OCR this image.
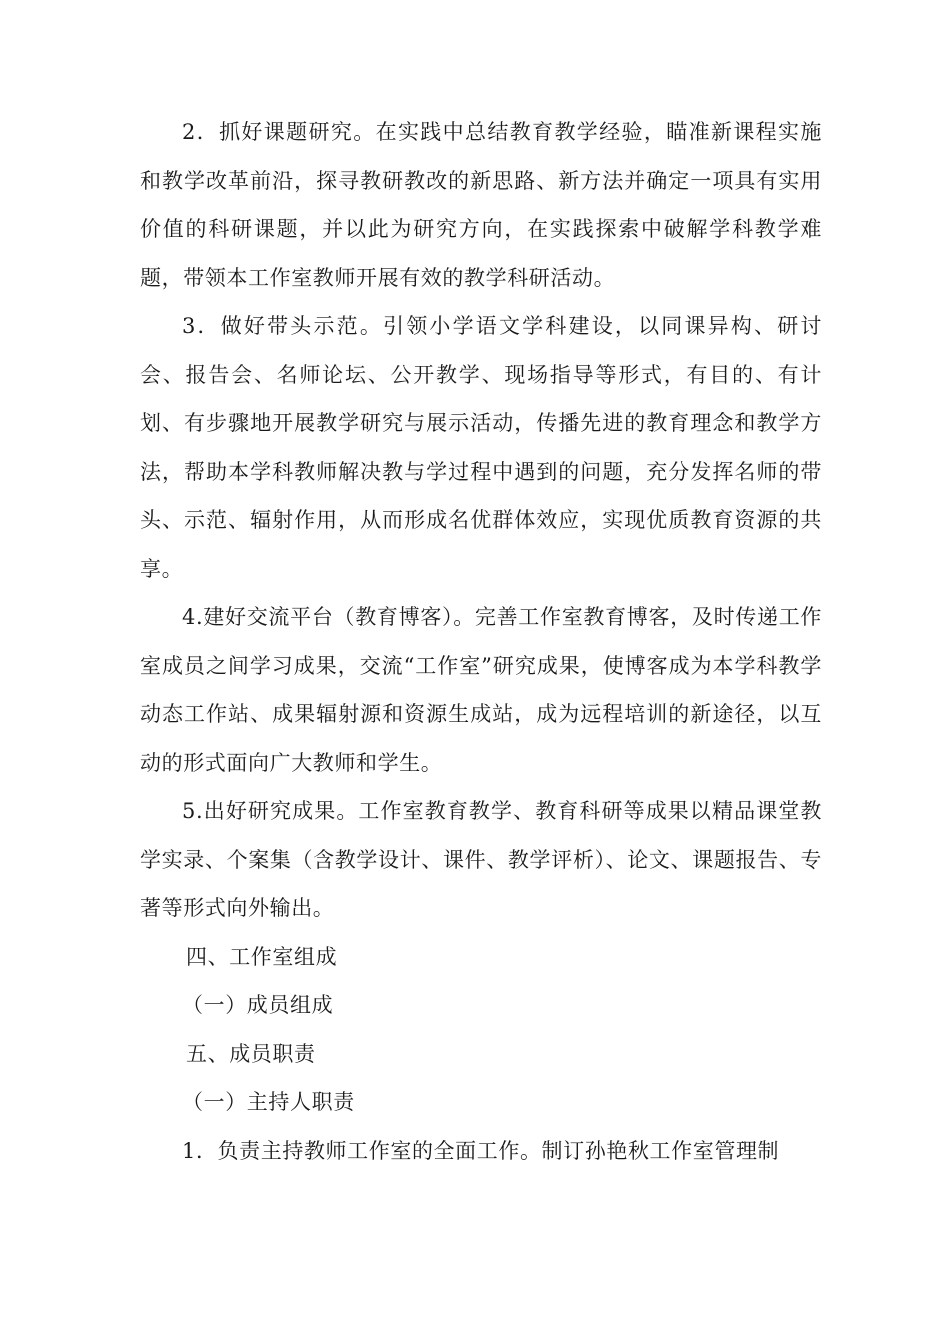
2．抓好课题研究。在实践中总结教育教学经验，瞄准新课程实施和教学改革前沿，探寻教研教改的新思路、新方法并确定一项具有实用价值的科研课题，并以此为研究方向，在实践探索中破解学科教学难题，带领本工作室教师开展有效的教学科研活动。

3．做好带头示范。引领小学语文学科建设，以同课异构、研讨会、报告会、名师论坛、公开教学、现场指导等形式，有目的、有计划、有步骤地开展教学研究与展示活动，传播先进的教育理念和教学方法，帮助本学科教师解决教与学过程中遇到的问题，充分发挥名师的带头、示范、辐射作用，从而形成名优群体效应，实现优质教育资源的共享。

4.建好交流平台（教育博客）。完善工作室教育博客，及时传递工作室成员之间学习成果，交流“工作室”研究成果，使博客成为本学科教学动态工作站、成果辐射源和资源生成站，成为远程培训的新途径，以互动的形式面向广大教师和学生。

5.出好研究成果。工作室教育教学、教育科研等成果以精品课堂教学实录、个案集（含教学设计、课件、教学评析）、论文、课题报告、专著等形式向外输出。

四、工作室组成

（一）成员组成

五、成员职责

（一）主持人职责

1．负责主持教师工作室的全面工作。制订孙艳秋工作室管理制
